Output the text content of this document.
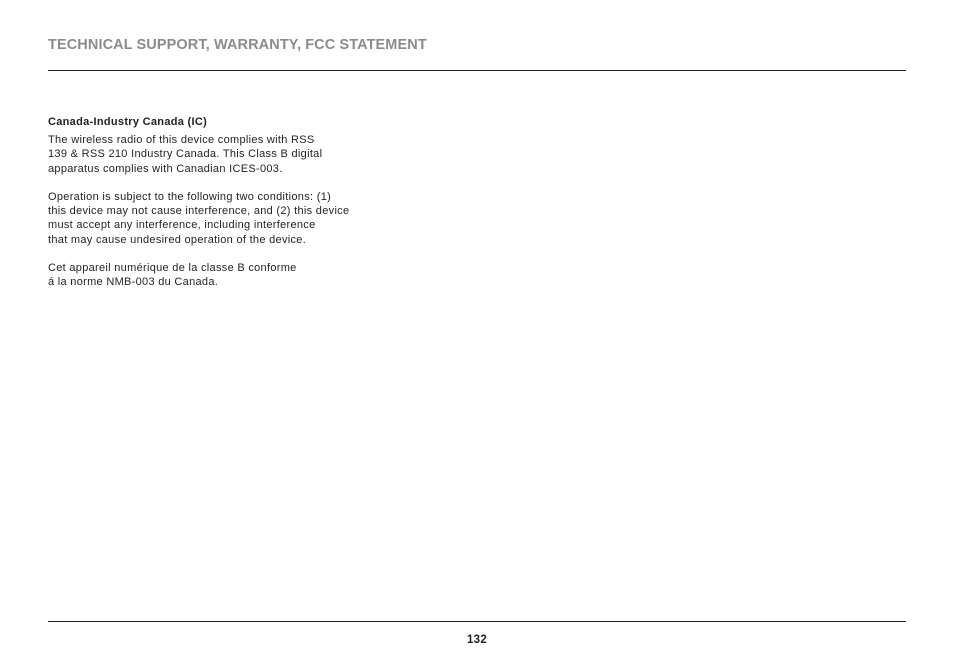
TECHNICAL SUPPORT, WARRANTY, FCC STATEMENT
Canada-Industry Canada (IC)
The wireless radio of this device complies with RSS
139 & RSS 210 Industry Canada. This Class B digital
apparatus complies with Canadian ICES-003.
Operation is subject to the following two conditions: (1)
this device may not cause interference, and (2) this device
must accept any interference, including interference
that may cause undesired operation of the device.
Cet appareil numérique de la classe B conforme
á la norme NMB-003 du Canada.
132
